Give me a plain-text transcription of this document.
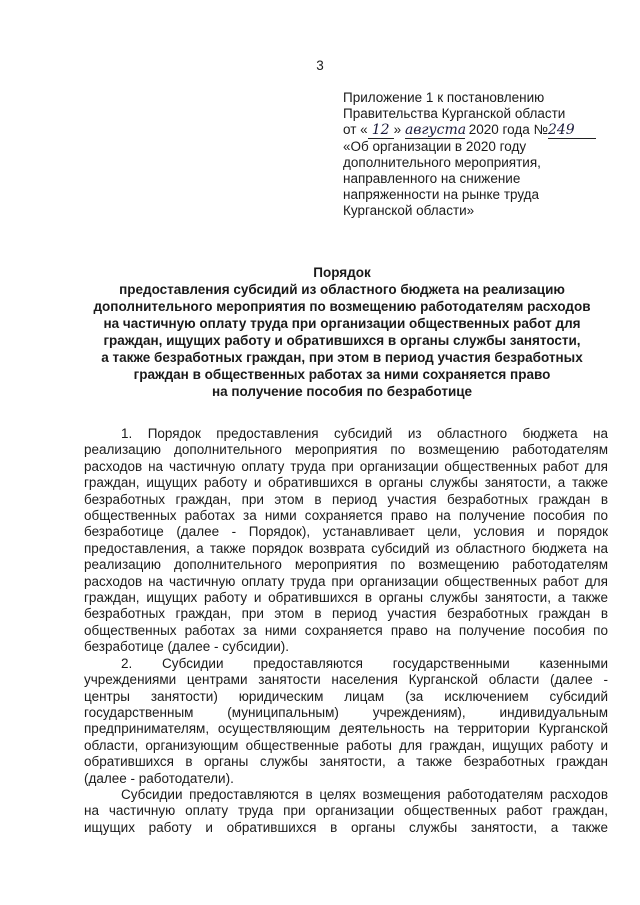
3
Приложение 1 к постановлению
Правительства Курганской области
от « 12 » августа 2020 года №249
«Об организации в 2020 году
дополнительного мероприятия,
направленного на снижение
напряженности на рынке труда
Курганской области»
Порядок
предоставления субсидий из областного бюджета на реализацию
дополнительного мероприятия по возмещению работодателям расходов
на частичную оплату труда при организации общественных работ для
граждан, ищущих работу и обратившихся в органы службы занятости,
а также безработных граждан, при этом в период участия безработных
граждан в общественных работах за ними сохраняется право
на получение пособия по безработице
1. Порядок предоставления субсидий из областного бюджета на
реализацию дополнительного мероприятия по возмещению работодателям
расходов на частичную оплату труда при организации общественных работ для
граждан, ищущих работу и обратившихся в органы службы занятости, а также
безработных граждан, при этом в период участия безработных граждан в
общественных работах за ними сохраняется право на получение пособия по
безработице (далее - Порядок), устанавливает цели, условия и порядок
предоставления, а также порядок возврата субсидий из областного бюджета на
реализацию дополнительного мероприятия по возмещению работодателям
расходов на частичную оплату труда при организации общественных работ для
граждан, ищущих работу и обратившихся в органы службы занятости, а также
безработных граждан, при этом в период участия безработных граждан в
общественных работах за ними сохраняется право на получение пособия по
безработице (далее - субсидии).
2. Субсидии предоставляются государственными казенными
учреждениями центрами занятости населения Курганской области (далее -
центры занятости) юридическим лицам (за исключением субсидий
государственным (муниципальным) учреждениям), индивидуальным
предпринимателям, осуществляющим деятельность на территории Курганской
области, организующим общественные работы для граждан, ищущих работу и
обратившихся в органы службы занятости, а также безработных граждан
(далее - работодатели).
Субсидии предоставляются в целях возмещения работодателям расходов
на частичную оплату труда при организации общественных работ граждан,
ищущих работу и обратившихся в органы службы занятости, а также
